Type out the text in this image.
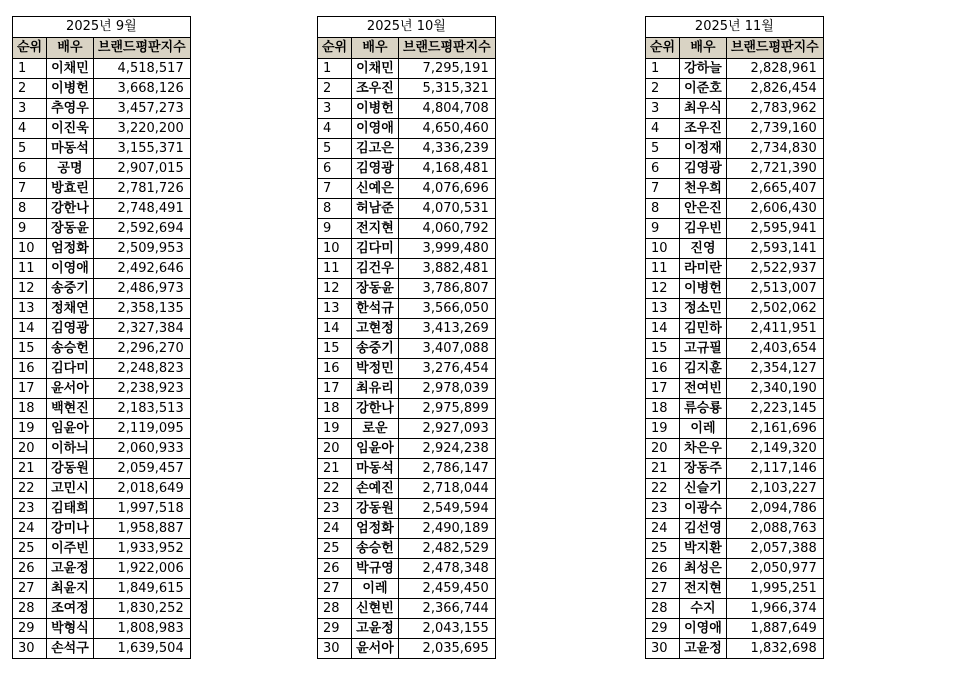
2025년 9월		
순위	배우	브랜드평판지수
1	이채민	4,518,517
2	이병헌	3,668,126
3	추영우	3,457,273
4	이진욱	3,220,200
5	마동석	3,155,371
6	공명	2,907,015
7	방효린	2,781,726
8	강한나	2,748,491
9	장동윤	2,592,694
10	엄정화	2,509,953
11	이영애	2,492,646
12	송중기	2,486,973
13	정채연	2,358,135
14	김영광	2,327,384
15	송승헌	2,296,270
16	김다미	2,248,823
17	윤서아	2,238,923
18	백현진	2,183,513
19	임윤아	2,119,095
20	이하늬	2,060,933
21	강동원	2,059,457
22	고민시	2,018,649
23	김태희	1,997,518
24	강미나	1,958,887
25	이주빈	1,933,952
26	고윤정	1,922,006
27	최윤지	1,849,615
28	조여정	1,830,252
29	박형식	1,808,983
30	손석구	1,639,504
2025년 10월		
순위	배우	브랜드평판지수
1	이채민	7,295,191
2	조우진	5,315,321
3	이병헌	4,804,708
4	이영애	4,650,460
5	김고은	4,336,239
6	김영광	4,168,481
7	신예은	4,076,696
8	허남준	4,070,531
9	전지현	4,060,792
10	김다미	3,999,480
11	김건우	3,882,481
12	장동윤	3,786,807
13	한석규	3,566,050
14	고현정	3,413,269
15	송중기	3,407,088
16	박정민	3,276,454
17	최유리	2,978,039
18	강한나	2,975,899
19	로운	2,927,093
20	임윤아	2,924,238
21	마동석	2,786,147
22	손예진	2,718,044
23	강동원	2,549,594
24	엄정화	2,490,189
25	송승헌	2,482,529
26	박규영	2,478,348
27	이레	2,459,450
28	신현빈	2,366,744
29	고윤정	2,043,155
30	윤서아	2,035,695
2025년 11월		
순위	배우	브랜드평판지수
1	강하늘	2,828,961
2	이준호	2,826,454
3	최우식	2,783,962
4	조우진	2,739,160
5	이정재	2,734,830
6	김영광	2,721,390
7	천우희	2,665,407
8	안은진	2,606,430
9	김우빈	2,595,941
10	진영	2,593,141
11	라미란	2,522,937
12	이병헌	2,513,007
13	정소민	2,502,062
14	김민하	2,411,951
15	고규필	2,403,654
16	김지훈	2,354,127
17	전여빈	2,340,190
18	류승룡	2,223,145
19	이레	2,161,696
20	차은우	2,149,320
21	장동주	2,117,146
22	신슬기	2,103,227
23	이광수	2,094,786
24	김선영	2,088,763
25	박지환	2,057,388
26	최성은	2,050,977
27	전지현	1,995,251
28	수지	1,966,374
29	이영애	1,887,649
30	고윤정	1,832,698
